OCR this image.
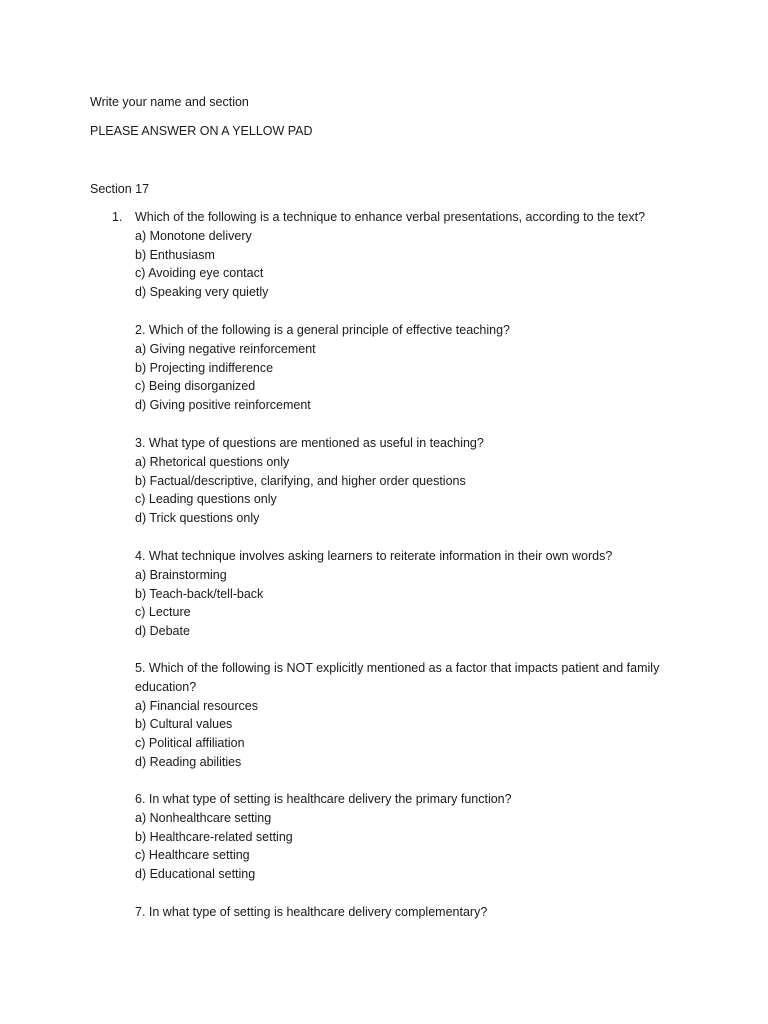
Write your name and section
PLEASE ANSWER ON A YELLOW PAD
Section 17
1. Which of the following is a technique to enhance verbal presentations, according to the text?
a) Monotone delivery
b) Enthusiasm
c) Avoiding eye contact
d) Speaking very quietly
2. Which of the following is a general principle of effective teaching?
a) Giving negative reinforcement
b) Projecting indifference
c) Being disorganized
d) Giving positive reinforcement
3. What type of questions are mentioned as useful in teaching?
a) Rhetorical questions only
b) Factual/descriptive, clarifying, and higher order questions
c) Leading questions only
d) Trick questions only
4. What technique involves asking learners to reiterate information in their own words?
a) Brainstorming
b) Teach-back/tell-back
c) Lecture
d) Debate
5. Which of the following is NOT explicitly mentioned as a factor that impacts patient and family education?
a) Financial resources
b) Cultural values
c) Political affiliation
d) Reading abilities
6. In what type of setting is healthcare delivery the primary function?
a) Nonhealthcare setting
b) Healthcare-related setting
c) Healthcare setting
d) Educational setting
7. In what type of setting is healthcare delivery complementary?
